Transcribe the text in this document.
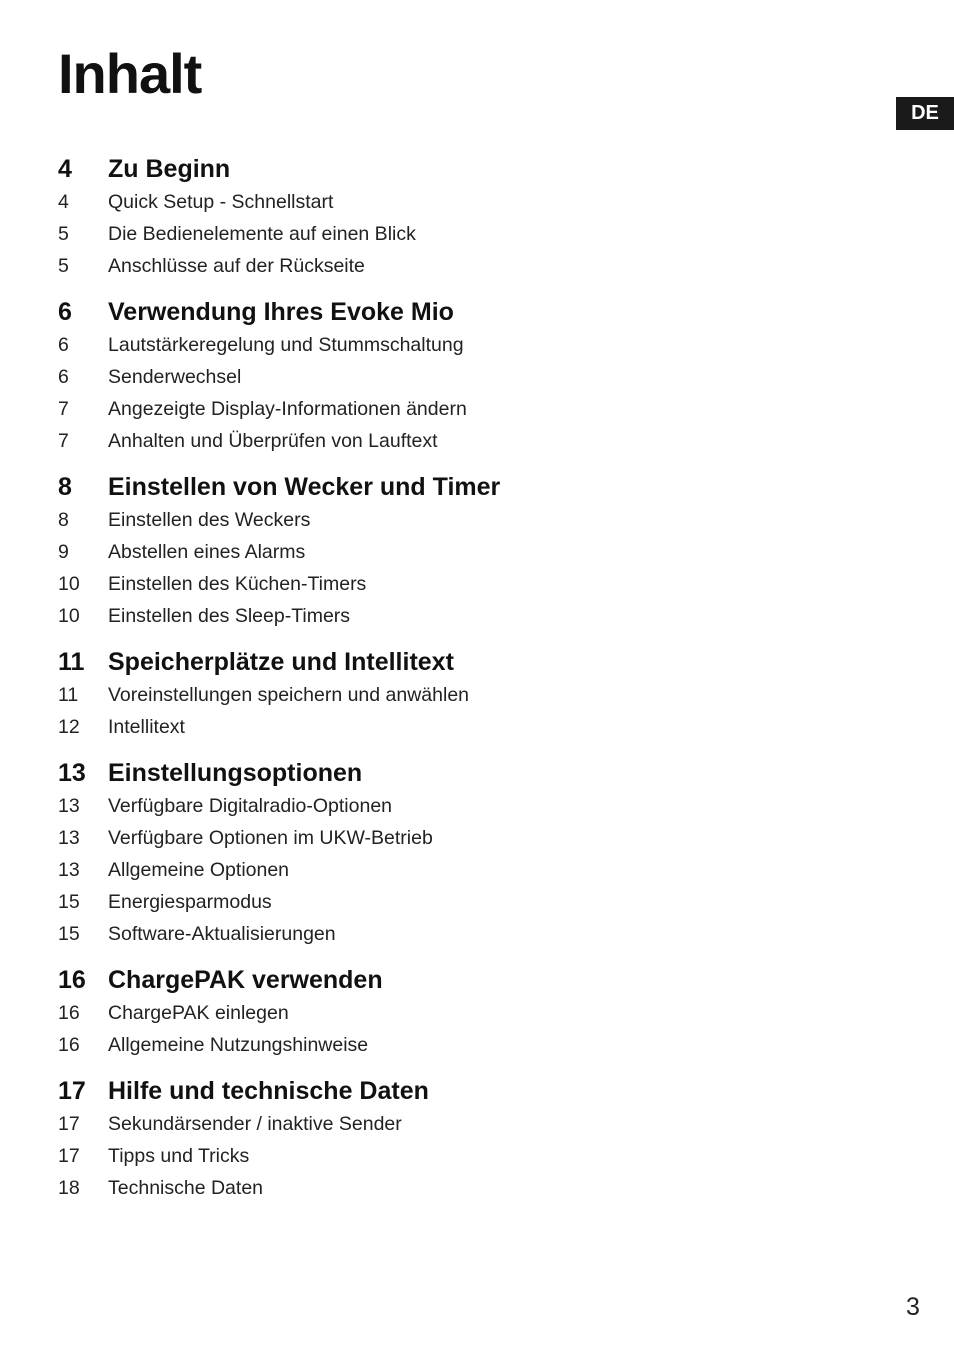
Inhalt
DE
4	Zu Beginn
4	Quick Setup - Schnellstart
5	Die Bedienelemente auf einen Blick
5	Anschlüsse auf der Rückseite
6	Verwendung Ihres Evoke Mio
6	Lautstärkeregelung und Stummschaltung
6	Senderwechsel
7	Angezeigte Display-Informationen ändern
7	Anhalten und Überprüfen von Lauftext
8	Einstellen von Wecker und Timer
8	Einstellen des Weckers
9	Abstellen eines Alarms
10	Einstellen des Küchen-Timers
10	Einstellen des Sleep-Timers
11 Speicherplätze und Intellitext
11	Voreinstellungen speichern und anwählen
12	Intellitext
13 Einstellungsoptionen
13	Verfügbare Digitalradio-Optionen
13	Verfügbare Optionen im UKW-Betrieb
13	Allgemeine Optionen
15	Energiesparmodus
15	Software-Aktualisierungen
16 ChargePAK verwenden
16	ChargePAK einlegen
16	Allgemeine Nutzungshinweise
17 Hilfe und technische Daten
17	Sekundärsender / inaktive Sender
17	Tipps und Tricks
18	Technische Daten
3
